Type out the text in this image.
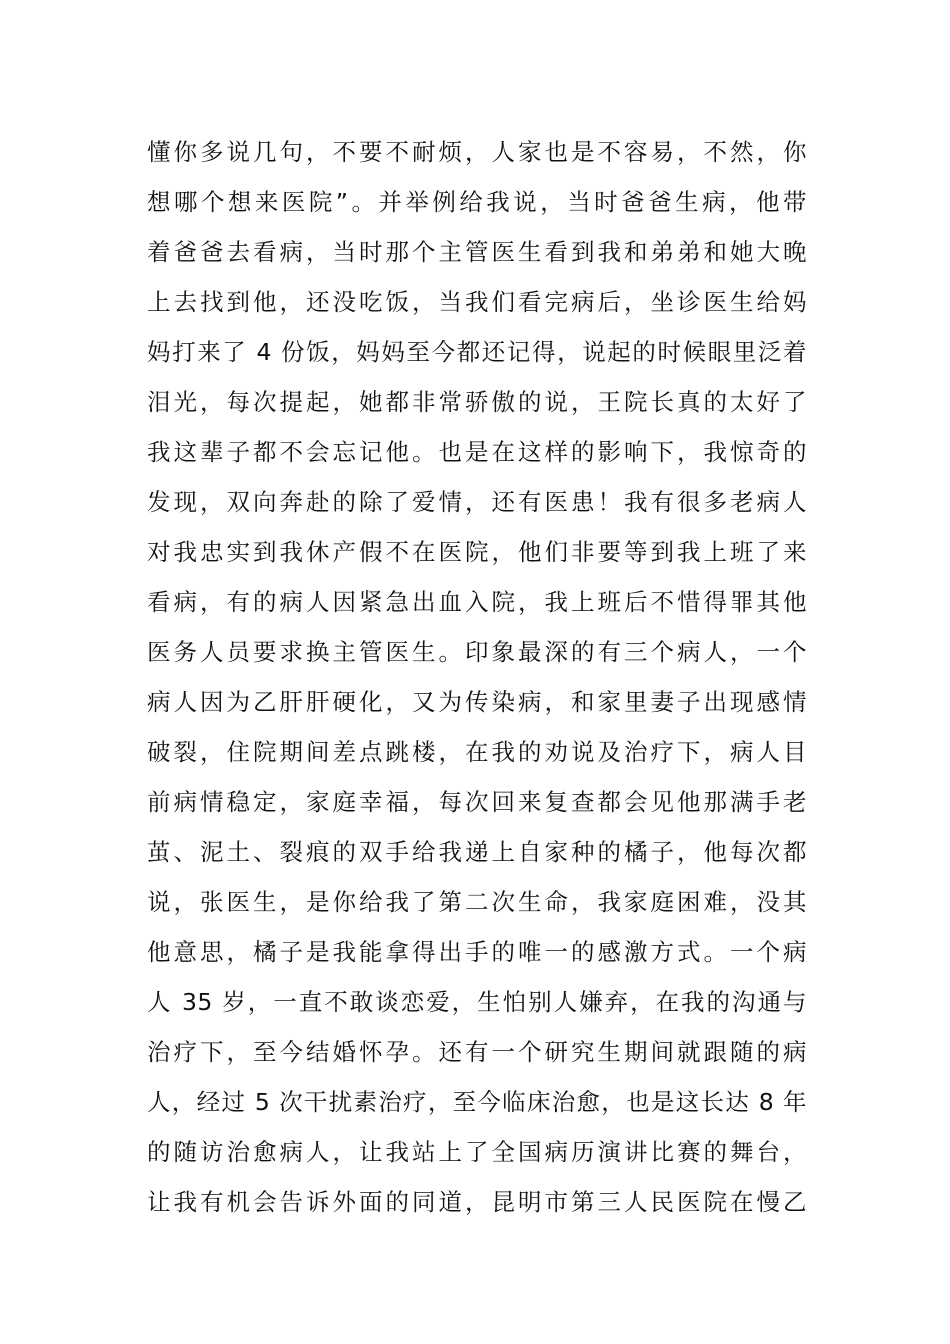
懂你多说几句，不要不耐烦，人家也是不容易，不然，你
想哪个想来医院”。并举例给我说，当时爸爸生病，他带
着爸爸去看病，当时那个主管医生看到我和弟弟和她大晚
上去找到他，还没吃饭，当我们看完病后，坐诊医生给妈
妈打来了 4 份饭，妈妈至今都还记得，说起的时候眼里泛着
泪光，每次提起，她都非常骄傲的说，王院长真的太好了
我这辈子都不会忘记他。也是在这样的影响下，我惊奇的
发现，双向奔赴的除了爱情，还有医患！我有很多老病人
对我忠实到我休产假不在医院，他们非要等到我上班了来
看病，有的病人因紧急出血入院，我上班后不惜得罪其他
医务人员要求换主管医生。印象最深的有三个病人，一个
病人因为乙肝肝硬化，又为传染病，和家里妻子出现感情
破裂，住院期间差点跳楼，在我的劝说及治疗下，病人目
前病情稳定，家庭幸福，每次回来复查都会见他那满手老
茧、泥土、裂痕的双手给我递上自家种的橘子，他每次都
说，张医生，是你给我了第二次生命，我家庭困难，没其
他意思，橘子是我能拿得出手的唯一的感激方式。一个病
人 35 岁，一直不敢谈恋爱，生怕别人嫌弃，在我的沟通与
治疗下，至今结婚怀孕。还有一个研究生期间就跟随的病
人，经过 5 次干扰素治疗，至今临床治愈，也是这长达 8 年
的随访治愈病人，让我站上了全国病历演讲比赛的舞台，
让我有机会告诉外面的同道，昆明市第三人民医院在慢乙
